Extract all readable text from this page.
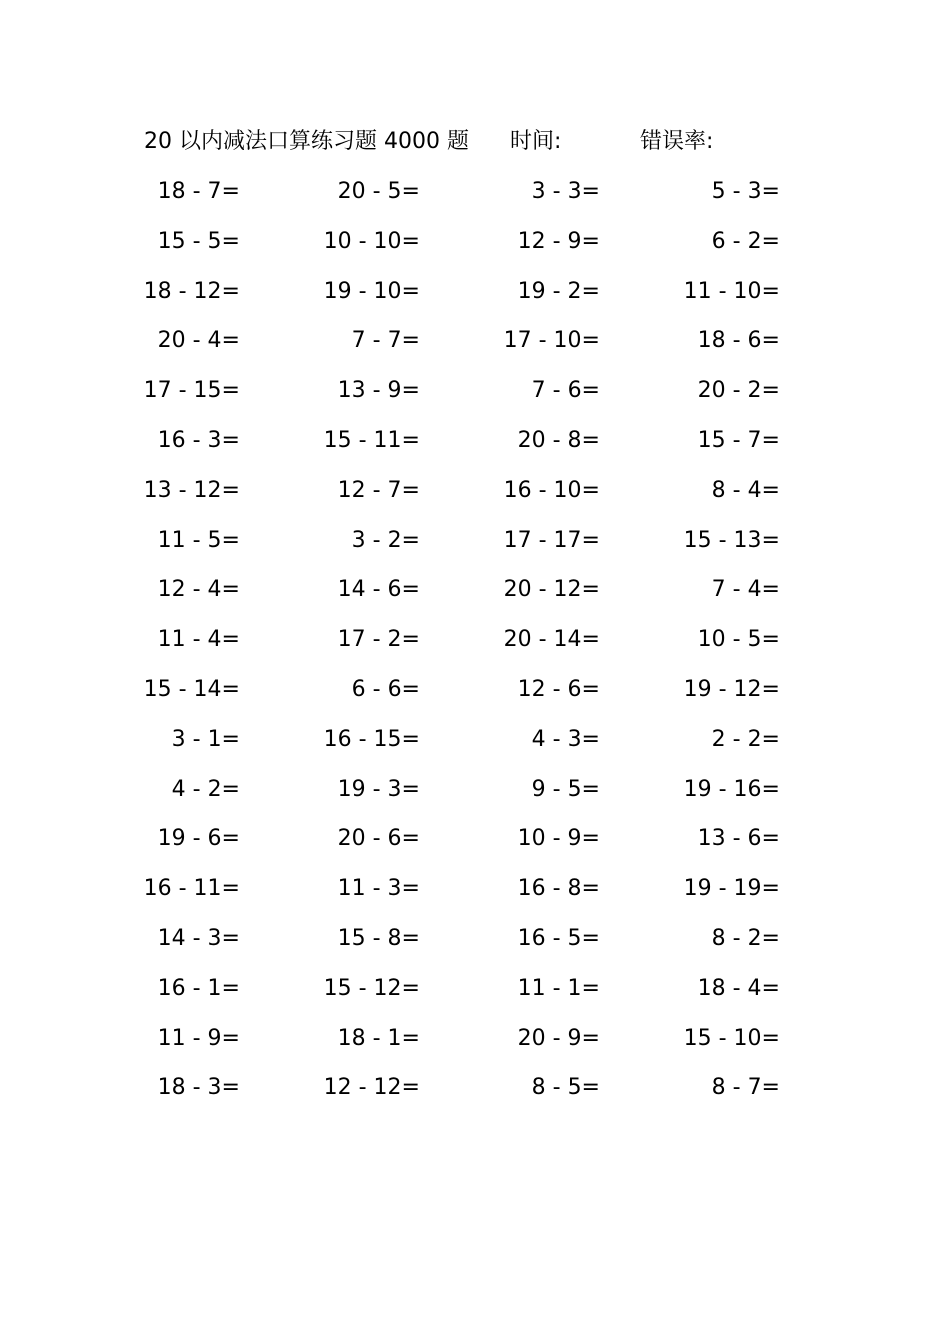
20 以内减法口算练习题 4000 题 时间:	错误率:
18 - 7=	20 - 5=	3 - 3=	5 - 3=
15 - 5=	10 - 10=	12 - 9=	6 - 2=
18 - 12=	19 - 10=	19 - 2=	11 - 10=
20 - 4=	7 - 7=	17 - 10=	18 - 6=
17 - 15=	13 - 9=	7 - 6=	20 - 2=
16 - 3=	15 - 11=	20 - 8=	15 - 7=
13 - 12=	12 - 7=	16 - 10=	8 - 4=
11 - 5=	3 - 2=	17 - 17=	15 - 13=
12 - 4=	14 - 6=	20 - 12=	7 - 4=
11 - 4=	17 - 2=	20 - 14=	10 - 5=
15 - 14=	6 - 6=	12 - 6=	19 - 12=
3 - 1=	16 - 15=	4 - 3=	2 - 2=
4 - 2=	19 - 3=	9 - 5=	19 - 16=
19 - 6=	20 - 6=	10 - 9=	13 - 6=
16 - 11=	11 - 3=	16 - 8=	19 - 19=
14 - 3=	15 - 8=	16 - 5=	8 - 2=
16 - 1=	15 - 12=	11 - 1=	18 - 4=
11 - 9=	18 - 1=	20 - 9=	15 - 10=
18 - 3=	12 - 12=	8 - 5=	8 - 7=
